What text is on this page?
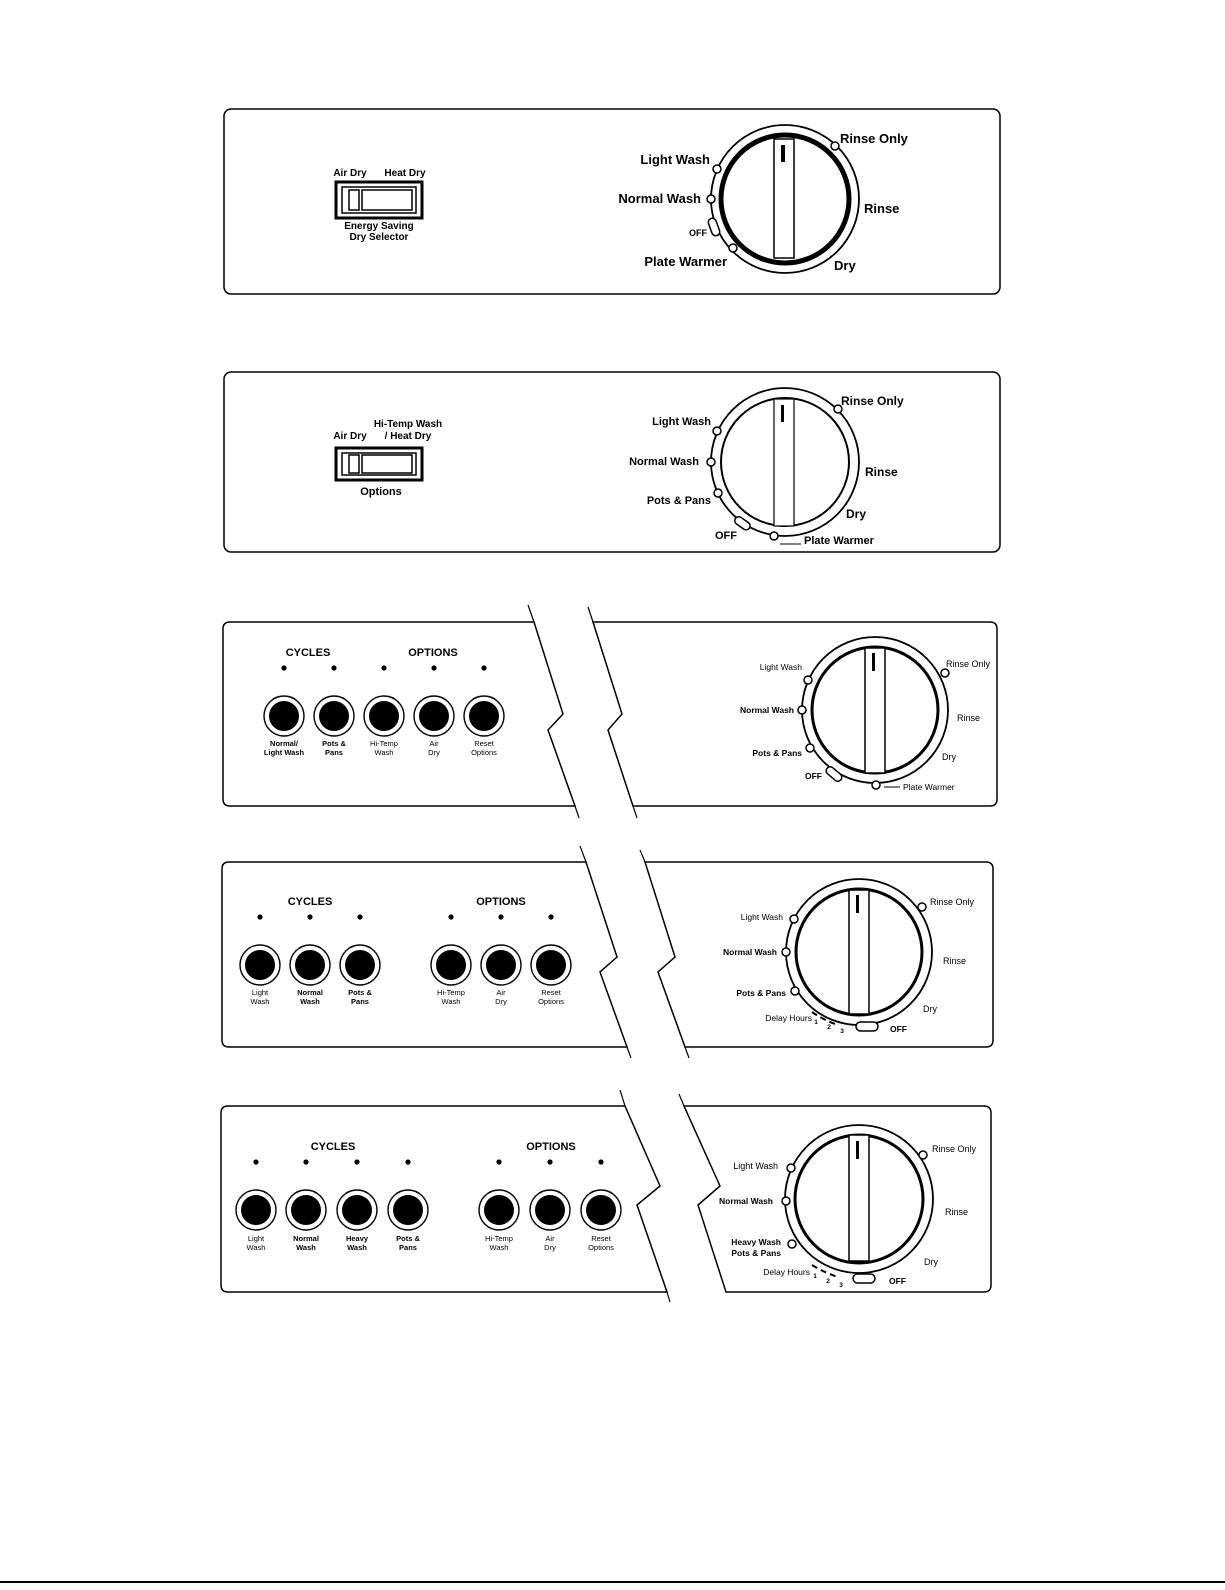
Air Dry Heat Dry
Energy Saving
Dry Selector
Light Wash
Normal Wash
OFF
Plate Warmer
Rinse Only
Rinse
Dry
Hi-Temp Wash
/ Heat Dry
Air Dry
Options
Light Wash
Normal Wash
Pots & Pans
OFF	Plate Warmer
Rinse Only
Rinse
Dry
CYCLES	OPTIONS
Normal/
Light Wash
Pots &
Pans
Hi-Temp
Wash
Air
Dry
Reset
Options
Light Wash
Normal Wash
Pots & Pans
OFF
Plate Warmer
Rinse Only
Rinse
Dry
CYCLES	OPTIONS
Light
Wash
Normal
Wash
Pots &
Pans
Hi-Temp
Wash
Air
Dry
Reset
Options
Light Wash
Normal Wash
Pots & Pans
Delay Hours 1
2
3	OFF
Rinse Only
Rinse
Dry
CYCLES	OPTIONS
Light
Wash
Normal
Wash
Heavy
Wash
Pots &
Pans
Hi-Temp
Wash
Air
Dry
Reset
Options
Light Wash
Normal Wash
Heavy Wash
Pots & Pans
Delay Hours 1
2
3	OFF
Rinse Only
Rinse
Dry
